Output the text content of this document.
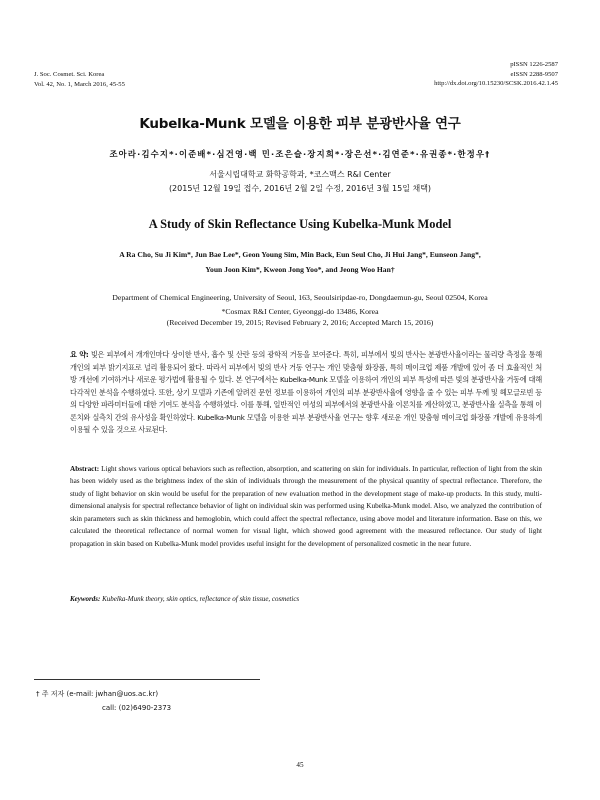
J. Soc. Cosmet. Sci. Korea
Vol. 42, No. 1, March 2016, 45-55
pISSN 1226-2587
eISSN 2288-9507
http://dx.doi.org/10.15230/SCSK.2016.42.1.45
Kubelka-Munk 모델을 이용한 피부 분광반사율 연구
조아라·김수지*·이준배*·심건영·백 민·조은슬·장지희*·장은선*·김연준*·유권종*·한정우†
서울시립대학교 화학공학과, *코스맥스 R&I Center
(2015년 12월 19일 접수, 2016년 2월 2일 수정, 2016년 3월 15일 채택)
A Study of Skin Reflectance Using Kubelka-Munk Model
A Ra Cho, Su Ji Kim*, Jun Bae Lee*, Geon Young Sim, Min Back, Eun Seul Cho, Ji Hui Jang*, Eunseon Jang*,
Youn Joon Kim*, Kweon Jong Yoo*, and Jeong Woo Han†
Department of Chemical Engineering, University of Seoul, 163, Seoulsiripdae-ro, Dongdaemun-gu, Seoul 02504, Korea
*Cosmax R&I Center, Gyeonggi-do 13486, Korea
(Received December 19, 2015; Revised February 2, 2016; Accepted March 15, 2016)
요 약: 빛은 피부에서 개개인마다 상이한 반사, 흡수 및 산란 등의 광학적 거동을 보여준다. 특히, 피부에서 빛의 반사는 분광반사율이라는 물리량 측정을 통해 개인의 피부 밝기지표로 널리 활용되어 왔다. 따라서 피부에서 빛의 반사 거동 연구는 개인 맞춤형 화장품, 특히 메이크업 제품 개발에 있어 좀 더 효율적인 처방 개선에 기여하거나 새로운 평가법에 활용될 수 있다. 본 연구에서는 Kubelka-Munk 모델을 이용하여 개인의 피부 특성에 따른 빛의 분광반사율 거동에 대해 다각적인 분석을 수행하였다. 또한, 상기 모델과 기존에 알려진 문헌 정보를 이용하여 개인의 피부 분광반사율에 영향을 줄 수 있는 피부 두께 및 헤모글로빈 등의 다양한 파라미터들에 대한 기여도 분석을 수행하였다. 이를 통해, 일반적인 여성의 피부에서의 분광반사율 이론치를 계산하였고, 분광반사율 실측을 통해 이론치와 실측치 간의 유사성을 확인하였다. Kubelka-Munk 모델을 이용한 피부 분광반사율 연구는 향후 새로운 개인 맞춤형 메이크업 화장품 개발에 유용하게 이용될 수 있을 것으로 사료된다.
Abstract: Light shows various optical behaviors such as reflection, absorption, and scattering on skin for individuals. In particular, reflection of light from the skin has been widely used as the brightness index of the skin of individuals through the measurement of the physical quantity of spectral reflectance. Therefore, the study of light behavior on skin would be useful for the preparation of new evaluation method in the development stage of make-up products. In this study, multi-dimensional analysis for spectral reflectance behavior of light on individual skin was performed using Kubelka-Munk model. Also, we analyzed the contribution of skin parameters such as skin thickness and hemoglobin, which could affect the spectral reflectance, using above model and literature information. Base on this, we calculated the theoretical reflectance of normal women for visual light, which showed good agreement with the measured reflectance. Our study of light propagation in skin based on Kubelka-Munk model provides useful insight for the development of personalized cosmetic in the near future.
Keywords: Kubelka-Munk theory, skin optics, reflectance of skin tissue, cosmetics
† 주 저자 (e-mail: jwhan@uos.ac.kr)
call: (02)6490-2373
45
